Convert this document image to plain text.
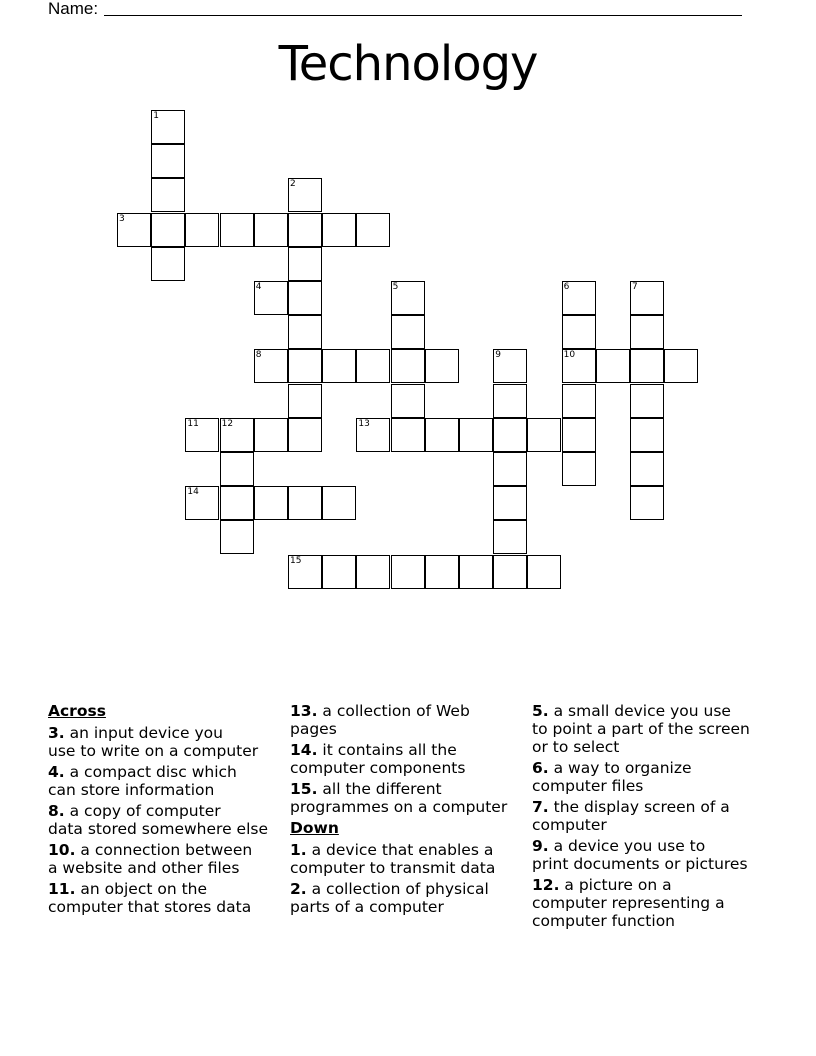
Name:
Technology
1
2
3
4	5	6
10
7
8	9
11	12	13
14
15
Across
3. an input device you
use to write on a computer
4. a compact disc which
can store information
8. a copy of computer
data stored somewhere else
10. a connection between
a website and other files
11. an object on the
computer that stores data
13. a collection of Web
pages
14. it contains all the
computer components
15. all the different
programmes on a computer
Down
1. a device that enables a
computer to transmit data
2. a collection of physical
parts of a computer
5. a small device you use
to point a part of the screen
or to select
6. a way to organize
computer files
7. the display screen of a
computer
9. a device you use to
print documents or pictures
12. a picture on a
computer representing a
computer function
